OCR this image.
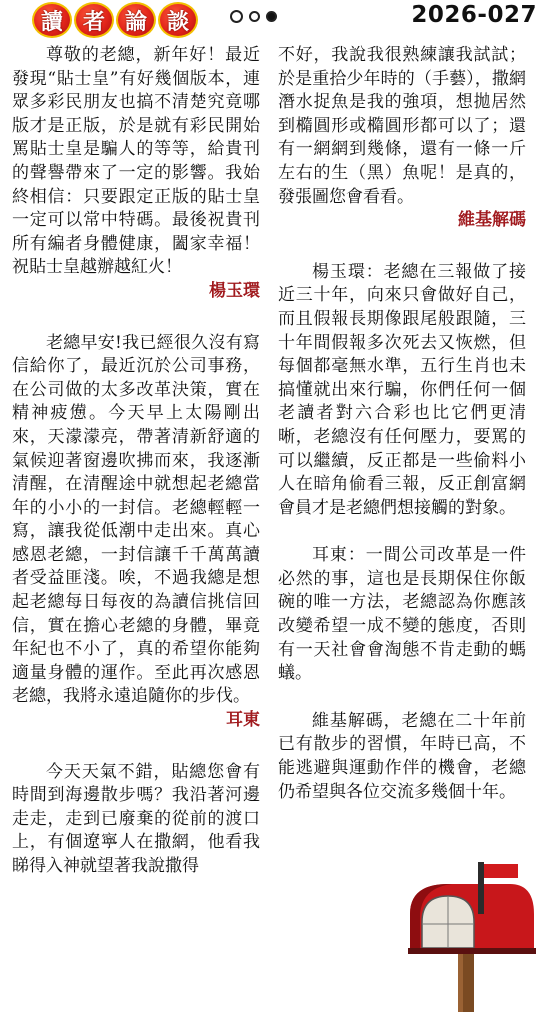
讀 者 論 談	2026-027

尊敬的老總，新年好！最近發現“貼士皇”有好幾個版本，連眾多彩民朋友也搞不清楚究竟哪版才是正版，於是就有彩民開始罵貼士皇是騙人的等等，給貴刊的聲譽帶來了一定的影響。我始終相信：只要跟定正版的貼士皇一定可以常中特碼。最後祝貴刊所有編者身體健康，闔家幸福！祝貼士皇越辦越紅火！

楊玉環

老總早安!我已經很久沒有寫信給你了，最近沉於公司事務，在公司做的太多改革決策，實在精神疲憊。今天早上太陽剛出來，天濛濛亮，帶著清新舒適的氣候迎著窗邊吹拂而來，我逐漸清醒，在清醒途中就想起老總當年的小小的一封信。老總輕輕一寫，讓我從低潮中走出來。真心感恩老總，一封信讓千千萬萬讀者受益匪淺。唉，不過我總是想起老總每日每夜的為讀信挑信回信，實在擔心老總的身體，畢竟年紀也不小了，真的希望你能夠適量身體的運作。至此再次感恩老總，我將永遠追隨你的步伐。

耳東

今天天氣不錯，貼總您會有時間到海邊散步嗎？我沿著河邊走走，走到已廢棄的從前的渡口上，有個遼寧人在撒網，他看我睇得入神就望著我說撒得

不好，我說我很熟練讓我試試；於是重拾少年時的（手藝），撒網潛水捉魚是我的強項，想拋居然到橢圓形或橢圓形都可以了；還有一網網到幾條，還有一條一斤左右的生（黑）魚呢！是真的，發張圖您會看看。

維基解碼

楊玉環：老總在三報做了接近三十年，向來只會做好自己，而且假報長期像跟尾般跟隨，三十年間假報多次死去又恢燃，但每個都毫無水準，五行生肖也未搞懂就出來行騙，你們任何一個老讀者對六合彩也比它們更清晰，老總沒有任何壓力，要罵的可以繼續，反正都是一些偷料小人在暗角偷看三報，反正創富網會員才是老總們想接觸的對象。

耳東：一間公司改革是一件必然的事，這也是長期保住你飯碗的唯一方法，老總認為你應該改變希望一成不變的態度，否則有一天社會會淘態不肯走動的螞蟻。

維基解碼，老總在二十年前已有散步的習慣，年時已高，不能逃避與運動作伴的機會，老總仍希望與各位交流多幾個十年。
